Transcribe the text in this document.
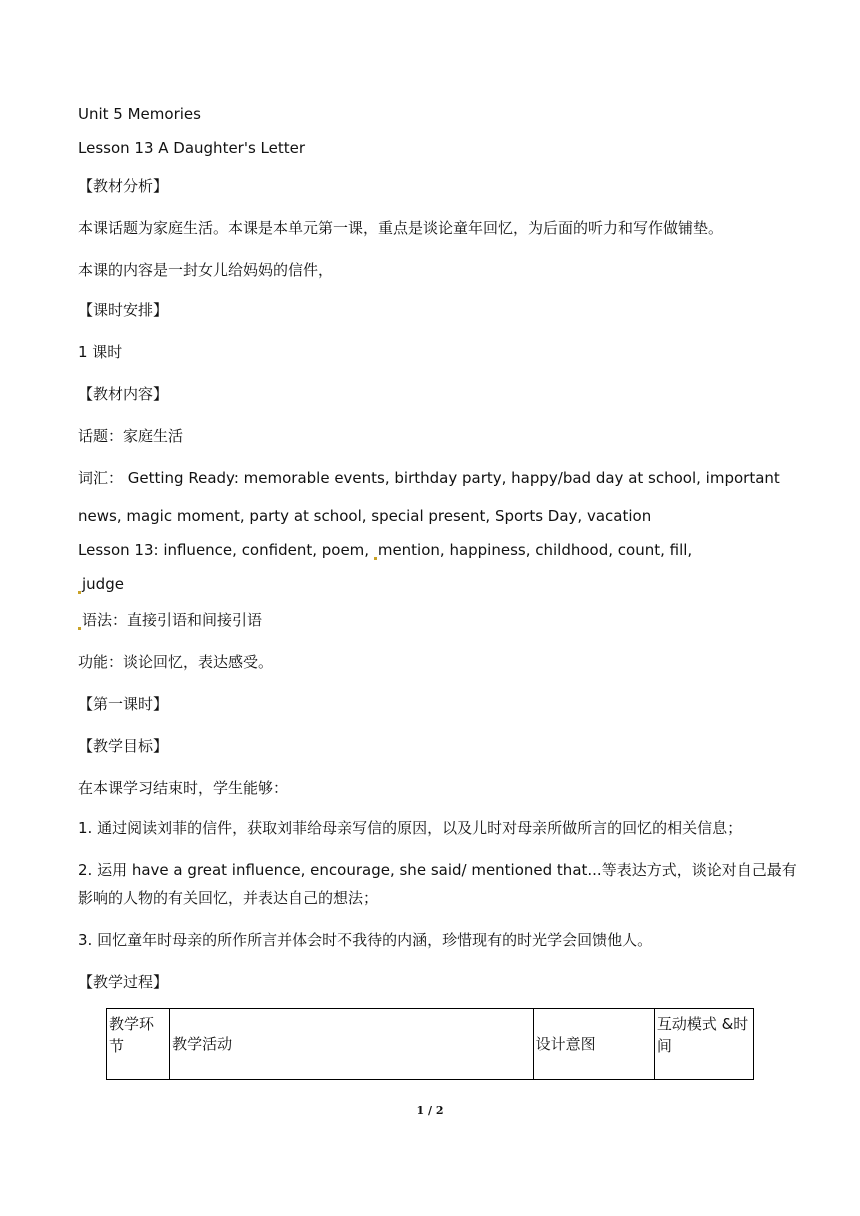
Unit 5 Memories
Lesson 13 A Daughter's Letter
【教材分析】
本课话题为家庭生活。本课是本单元第一课，重点是谈论童年回忆，为后面的听力和写作做铺垫。
本课的内容是一封女儿给妈妈的信件，
【课时安排】
1 课时
【教材内容】
话题：家庭生活
词汇： Getting Ready: memorable events, birthday party, happy/bad day at school, important
news, magic moment, party at school, special present, Sports Day, vacation
Lesson 13: influence, confident, poem, mention, happiness, childhood, count, fill,
judge
语法：直接引语和间接引语
功能：谈论回忆，表达感受。
【第一课时】
【教学目标】
在本课学习结束时，学生能够：
1. 通过阅读刘菲的信件，获取刘菲给母亲写信的原因，以及儿时对母亲所做所言的回忆的相关信息；
2. 运用 have a great influence, encourage, she said/ mentioned that...等表达方式，谈论对自己最有
影响的人物的有关回忆，并表达自己的想法；
3. 回忆童年时母亲的所作所言并体会时不我待的内涵，珍惜现有的时光学会回馈他人。
【教学过程】
教学环节	教学活动	设计意图	互动模式 &时间
1 / 2
